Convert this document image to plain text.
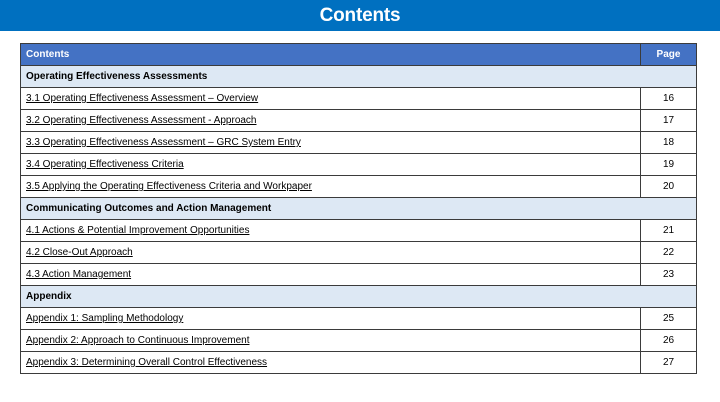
Contents
Contents	Page
Operating Effectiveness Assessments	
3.1 Operating Effectiveness Assessment – Overview	16
3.2 Operating Effectiveness Assessment - Approach	17
3.3 Operating Effectiveness Assessment – GRC System Entry	18
3.4 Operating Effectiveness Criteria	19
3.5 Applying the Operating Effectiveness Criteria and Workpaper	20
Communicating Outcomes and Action Management	
4.1 Actions & Potential Improvement Opportunities	21
4.2 Close-Out Approach	22
4.3 Action Management	23
Appendix	
Appendix 1: Sampling Methodology	25
Appendix 2: Approach to Continuous Improvement	26
Appendix 3: Determining Overall Control Effectiveness	27
